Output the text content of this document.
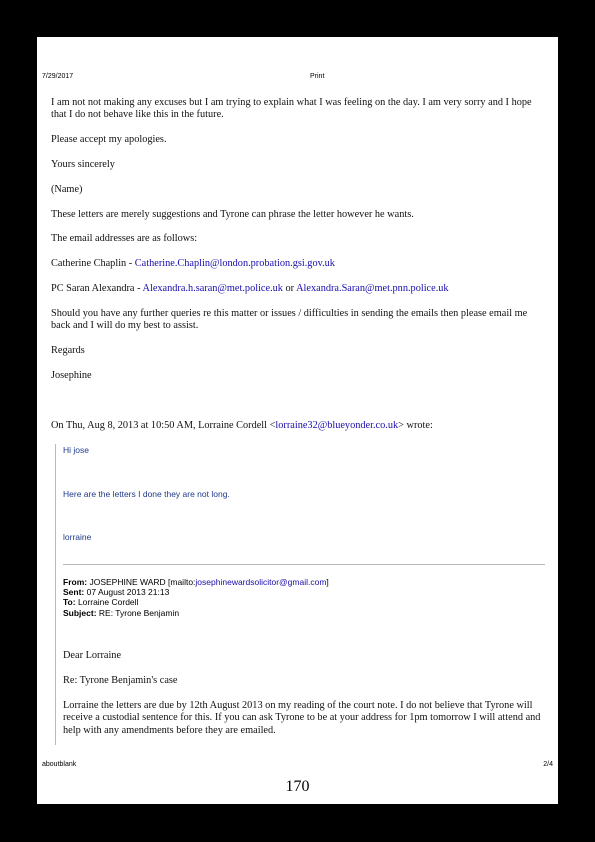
7/29/2017	Print

I am not not making any excuses but I am trying to explain what I was feeling on the day. I am very sorry and I hope that I do not behave like this in the future.

Please accept my apologies.

Yours sincerely

(Name)

These letters are merely suggestions and Tyrone can phrase the letter however he wants.

The email addresses are as follows:

Catherine Chaplin - Catherine.Chaplin@london.probation.gsi.gov.uk

PC Saran Alexandra - Alexandra.h.saran@met.police.uk or Alexandra.Saran@met.pnn.police.uk

Should you have any further queries re this matter or issues / difficulties in sending the emails then please email me back and I will do my best to assist.

Regards

Josephine

On Thu, Aug 8, 2013 at 10:50 AM, Lorraine Cordell <lorraine32@blueyonder.co.uk> wrote:

Hi jose

Here are the letters I done they are not long.

lorraine

From: JOSEPHINE WARD [mailto:josephinewardsolicitor@gmail.com]
Sent: 07 August 2013 21:13
To: Lorraine Cordell
Subject: RE: Tyrone Benjamin

Dear Lorraine

Re: Tyrone Benjamin's case

Lorraine the letters are due by 12th August 2013 on my reading of the court note. I do not believe that Tyrone will receive a custodial sentence for this. If you can ask Tyrone to be at your address for 1pm tomorrow I will attend and help with any amendments before they are emailed.

aboutblank	2/4
170
